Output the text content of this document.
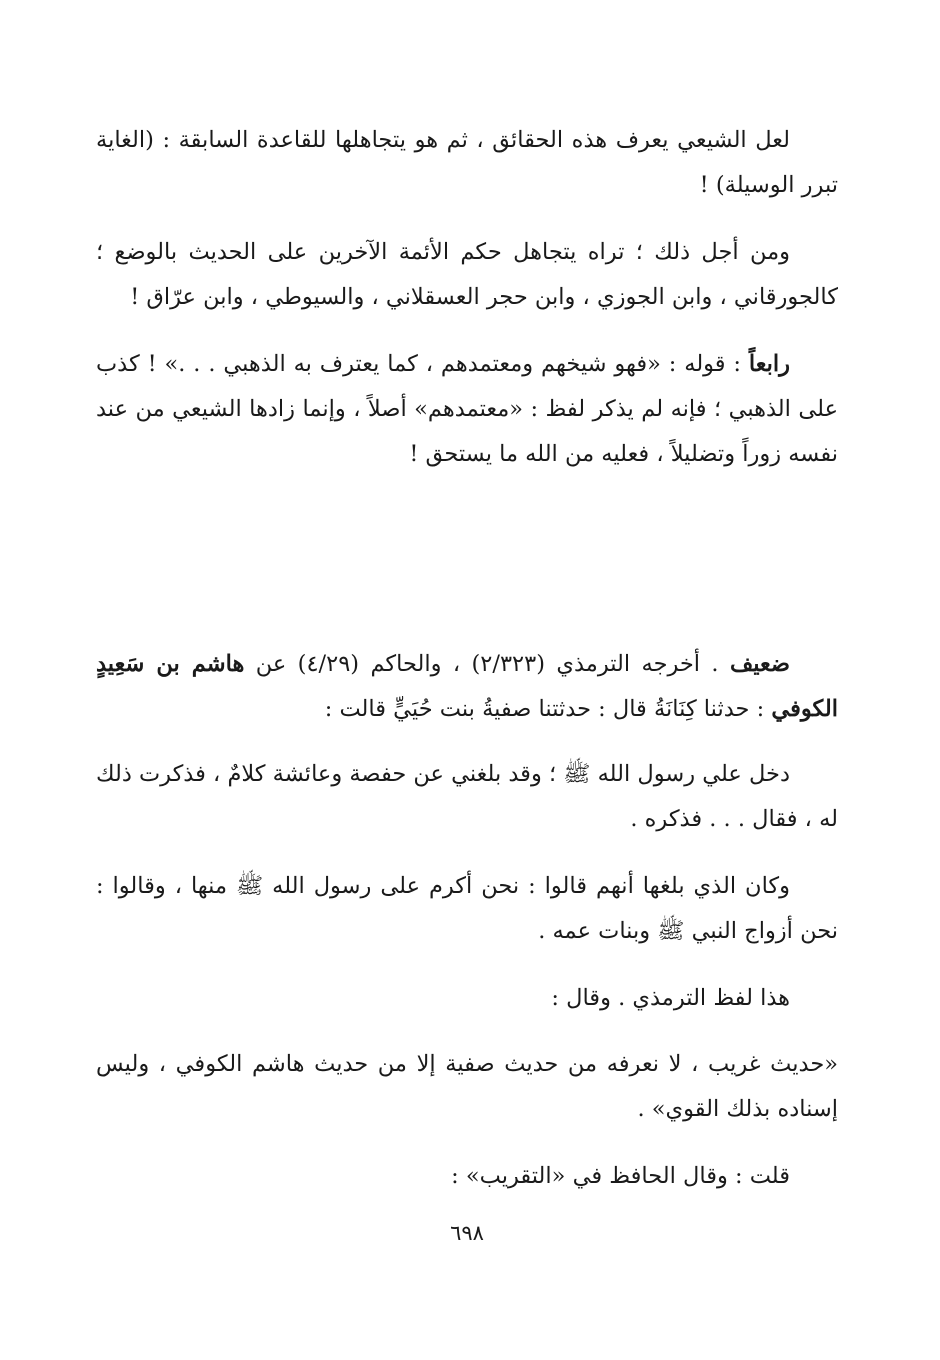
لعل الشيعي يعرف هذه الحقائق ، ثم هو يتجاهلها للقاعدة السابقة : (الغاية تبرر الوسيلة) !

ومن أجل ذلك ؛ تراه يتجاهل حكم الأئمة الآخرين على الحديث بالوضع ؛ كالجورقاني ، وابن الجوزي ، وابن حجر العسقلاني ، والسيوطي ، وابن عرّاق !

رابعاً : قوله : «فهو شيخهم ومعتمدهم ، كما يعترف به الذهبي . . .» ! كذب على الذهبي ؛ فإنه لم يذكر لفظ : «معتمدهم» أصلاً ، وإنما زادها الشيعي من عند نفسه زوراً وتضليلاً ، فعليه من الله ما يستحق !

ضعيف . أخرجه الترمذي (٢/٣٢٣) ، والحاكم (٤/٢٩) عن هاشم بن سَعِيدٍ الكوفي : حدثنا كِنَانَةُ قال : حدثتنا صفيةُ بنت حُيَيٍّ قالت :

دخل علي رسول الله ﷺ ؛ وقد بلغني عن حفصة وعائشة كلامٌ ، فذكرت ذلك له ، فقال . . . فذكره .

وكان الذي بلغها أنهم قالوا : نحن أكرم على رسول الله ﷺ منها ، وقالوا : نحن أزواج النبي ﷺ وبنات عمه .

هذا لفظ الترمذي . وقال :

«حديث غريب ، لا نعرفه من حديث صفية إلا من حديث هاشم الكوفي ، وليس إسناده بذلك القوي» .

قلت : وقال الحافظ في «التقريب» :

٦٩٨
